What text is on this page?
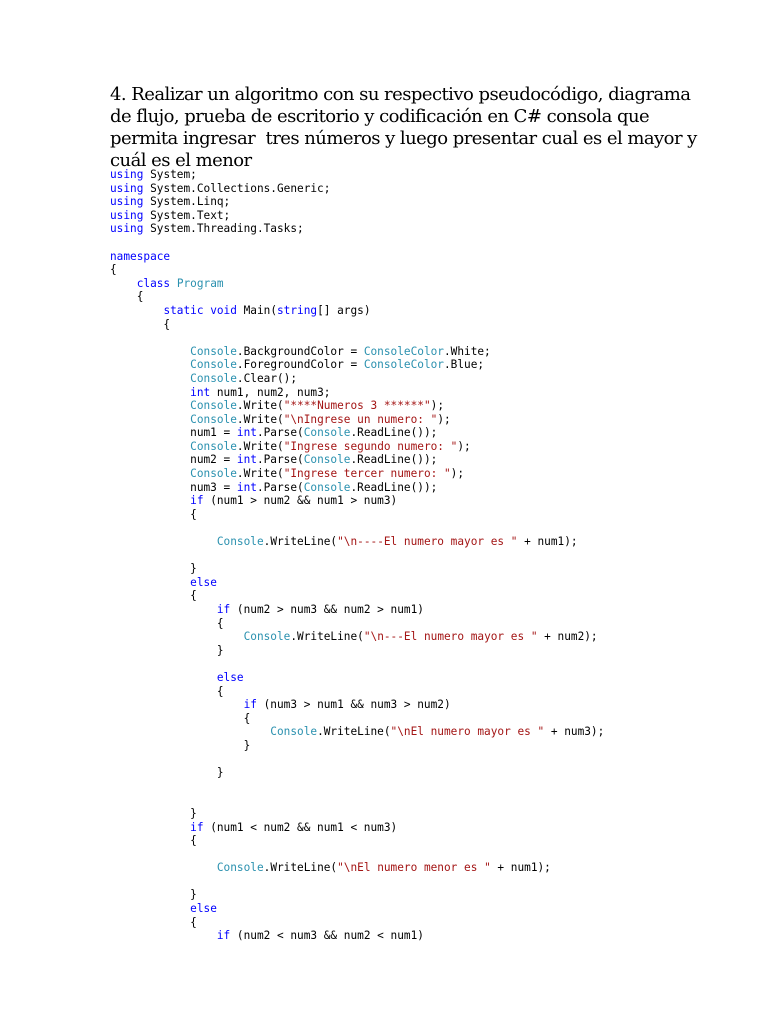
4. Realizar un algoritmo con su respectivo pseudocódigo, diagrama
de flujo, prueba de escritorio y codificación en C# consola que
permita ingresar  tres números y luego presentar cual es el mayor y
cuál es el menor
using System;
using System.Collections.Generic;
using System.Linq;
using System.Text;
using System.Threading.Tasks;

namespace
{
class Program
{
static void Main(string[] args)
{

Console.BackgroundColor = ConsoleColor.White;
Console.ForegroundColor = ConsoleColor.Blue;
Console.Clear();
int num1, num2, num3;
Console.Write("****Numeros 3 ******");
Console.Write("\nIngrese un numero: ");
num1 = int.Parse(Console.ReadLine());
Console.Write("Ingrese segundo numero: ");
num2 = int.Parse(Console.ReadLine());
Console.Write("Ingrese tercer numero: ");
num3 = int.Parse(Console.ReadLine());
if (num1 > num2 && num1 > num3)
{

Console.WriteLine("\n----El numero mayor es " + num1);

}
else
{
if (num2 > num3 && num2 > num1)
{
Console.WriteLine("\n---El numero mayor es " + num2);
}

else
{
if (num3 > num1 && num3 > num2)
{
Console.WriteLine("\nEl numero mayor es " + num3);
}

}

}
if (num1 < num2 && num1 < num3)
{

Console.WriteLine("\nEl numero menor es " + num1);

}
else
{
if (num2 < num3 && num2 < num1)
